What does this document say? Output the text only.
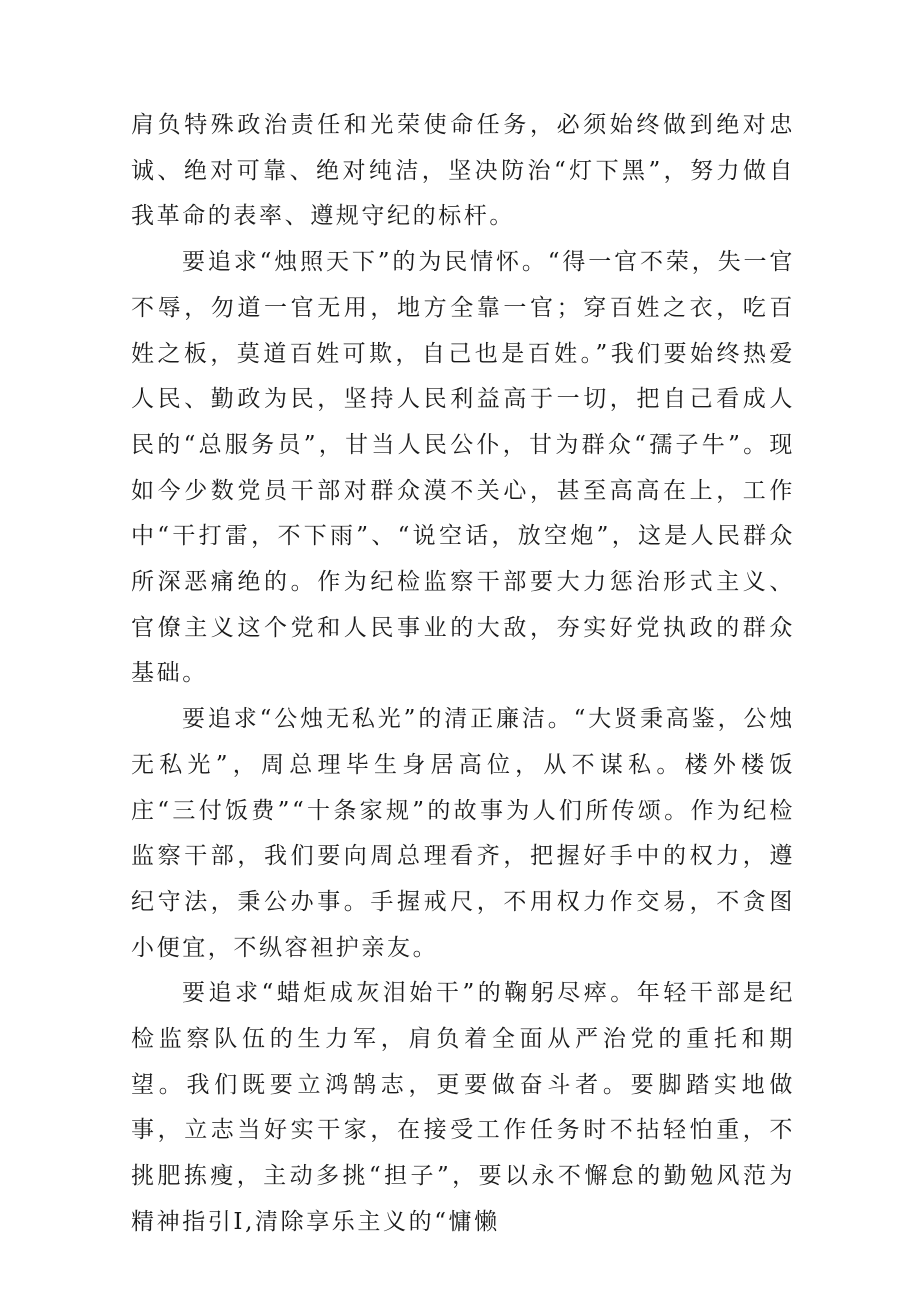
肩负特殊政治责任和光荣使命任务，必须始终做到绝对忠诚、绝对可靠、绝对纯洁，坚决防治“灯下黑”，努力做自我革命的表率、遵规守纪的标杆。

要追求“烛照天下”的为民情怀。“得一官不荣，失一官不辱，勿道一官无用，地方全靠一官；穿百姓之衣，吃百姓之板，莫道百姓可欺，自己也是百姓。”我们要始终热爱人民、勤政为民，坚持人民利益高于一切，把自己看成人民的“总服务员”，甘当人民公仆，甘为群众“孺子牛”。现如今少数党员干部对群众漠不关心，甚至高高在上，工作中“干打雷，不下雨”、“说空话，放空炮”，这是人民群众所深恶痛绝的。作为纪检监察干部要大力惩治形式主义、官僚主义这个党和人民事业的大敌，夯实好党执政的群众基础。

要追求“公烛无私光”的清正廉洁。“大贤秉高鉴，公烛无私光”，周总理毕生身居高位，从不谋私。楼外楼饭庄“三付饭费”“十条家规”的故事为人们所传颂。作为纪检监察干部，我们要向周总理看齐，把握好手中的权力，遵纪守法，秉公办事。手握戒尺，不用权力作交易，不贪图小便宜，不纵容袒护亲友。

要追求“蜡炬成灰泪始干”的鞠躬尽瘁。年轻干部是纪检监察队伍的生力军，肩负着全面从严治党的重托和期望。我们既要立鸿鹄志，更要做奋斗者。要脚踏实地做事，立志当好实干家，在接受工作任务时不拈轻怕重，不挑肥拣瘦，主动多挑“担子”，要以永不懈怠的勤勉风范为精神指引I,清除享乐主义的“慵懒
